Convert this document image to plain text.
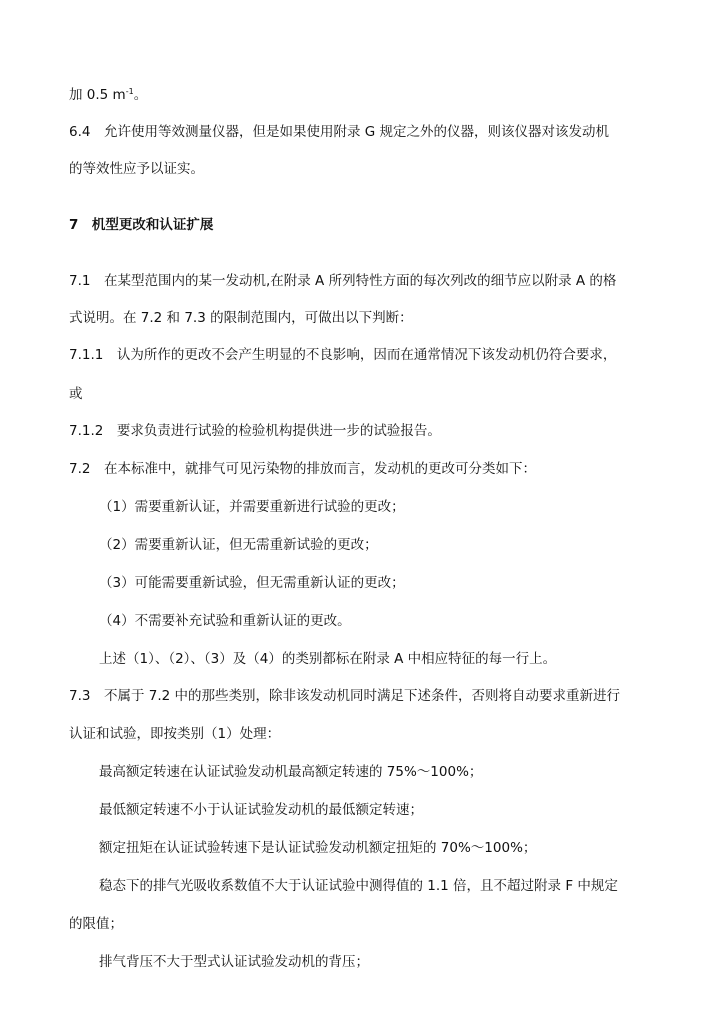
加 0.5 $m^{-1}$。
6.4　允许使用等效测量仪器，但是如果使用附录 G 规定之外的仪器，则该仪器对该发动机
的等效性应予以证实。
7　机型更改和认证扩展
7.1　在某型范围内的某一发动机,在附录 A 所列特性方面的每次列改的细节应以附录 A 的格
式说明。在 7.2 和 7.3 的限制范围内，可做出以下判断：
7.1.1　认为所作的更改不会产生明显的不良影响，因而在通常情况下该发动机仍符合要求，
或
7.1.2　要求负责进行试验的检验机构提供进一步的试验报告。
7.2　在本标准中，就排气可见污染物的排放而言，发动机的更改可分类如下：
（1）需要重新认证，并需要重新进行试验的更改；
（2）需要重新认证，但无需重新试验的更改；
（3）可能需要重新试验，但无需重新认证的更改；
（4）不需要补充试验和重新认证的更改。
上述（1）、（2）、（3）及（4）的类别都标在附录 A 中相应特征的每一行上。
7.3　不属于 7.2 中的那些类别，除非该发动机同时满足下述条件，否则将自动要求重新进行
认证和试验，即按类别（1）处理：
最高额定转速在认证试验发动机最高额定转速的 75%～100%；
最低额定转速不小于认证试验发动机的最低额定转速；
额定扭矩在认证试验转速下是认证试验发动机额定扭矩的 70%～100%；
稳态下的排气光吸收系数值不大于认证试验中测得值的 1.1 倍，且不超过附录 F 中规定
的限值；
排气背压不大于型式认证试验发动机的背压；
